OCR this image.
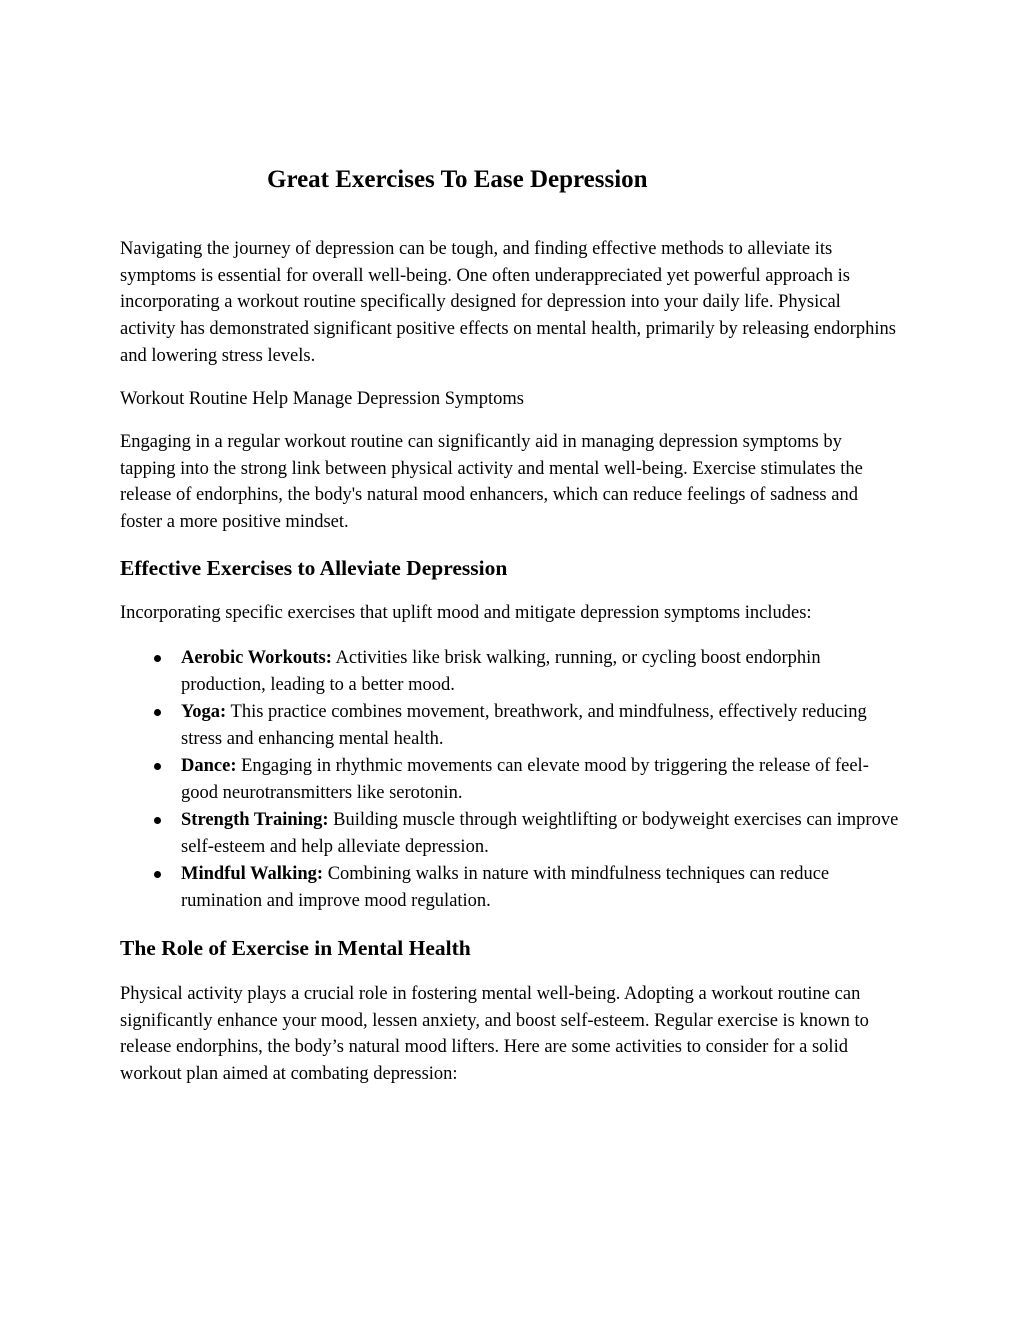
Great Exercises To Ease Depression

Navigating the journey of depression can be tough, and finding effective methods to alleviate its symptoms is essential for overall well-being. One often underappreciated yet powerful approach is incorporating a workout routine specifically designed for depression into your daily life. Physical activity has demonstrated significant positive effects on mental health, primarily by releasing endorphins and lowering stress levels.

Workout Routine Help Manage Depression Symptoms

Engaging in a regular workout routine can significantly aid in managing depression symptoms by tapping into the strong link between physical activity and mental well-being. Exercise stimulates the release of endorphins, the body's natural mood enhancers, which can reduce feelings of sadness and foster a more positive mindset.

Effective Exercises to Alleviate Depression

Incorporating specific exercises that uplift mood and mitigate depression symptoms includes:

Aerobic Workouts: Activities like brisk walking, running, or cycling boost endorphin production, leading to a better mood.
Yoga: This practice combines movement, breathwork, and mindfulness, effectively reducing stress and enhancing mental health.
Dance: Engaging in rhythmic movements can elevate mood by triggering the release of feel-good neurotransmitters like serotonin.
Strength Training: Building muscle through weightlifting or bodyweight exercises can improve self-esteem and help alleviate depression.
Mindful Walking: Combining walks in nature with mindfulness techniques can reduce rumination and improve mood regulation.
The Role of Exercise in Mental Health

Physical activity plays a crucial role in fostering mental well-being. Adopting a workout routine can significantly enhance your mood, lessen anxiety, and boost self-esteem. Regular exercise is known to release endorphins, the body’s natural mood lifters. Here are some activities to consider for a solid workout plan aimed at combating depression:
